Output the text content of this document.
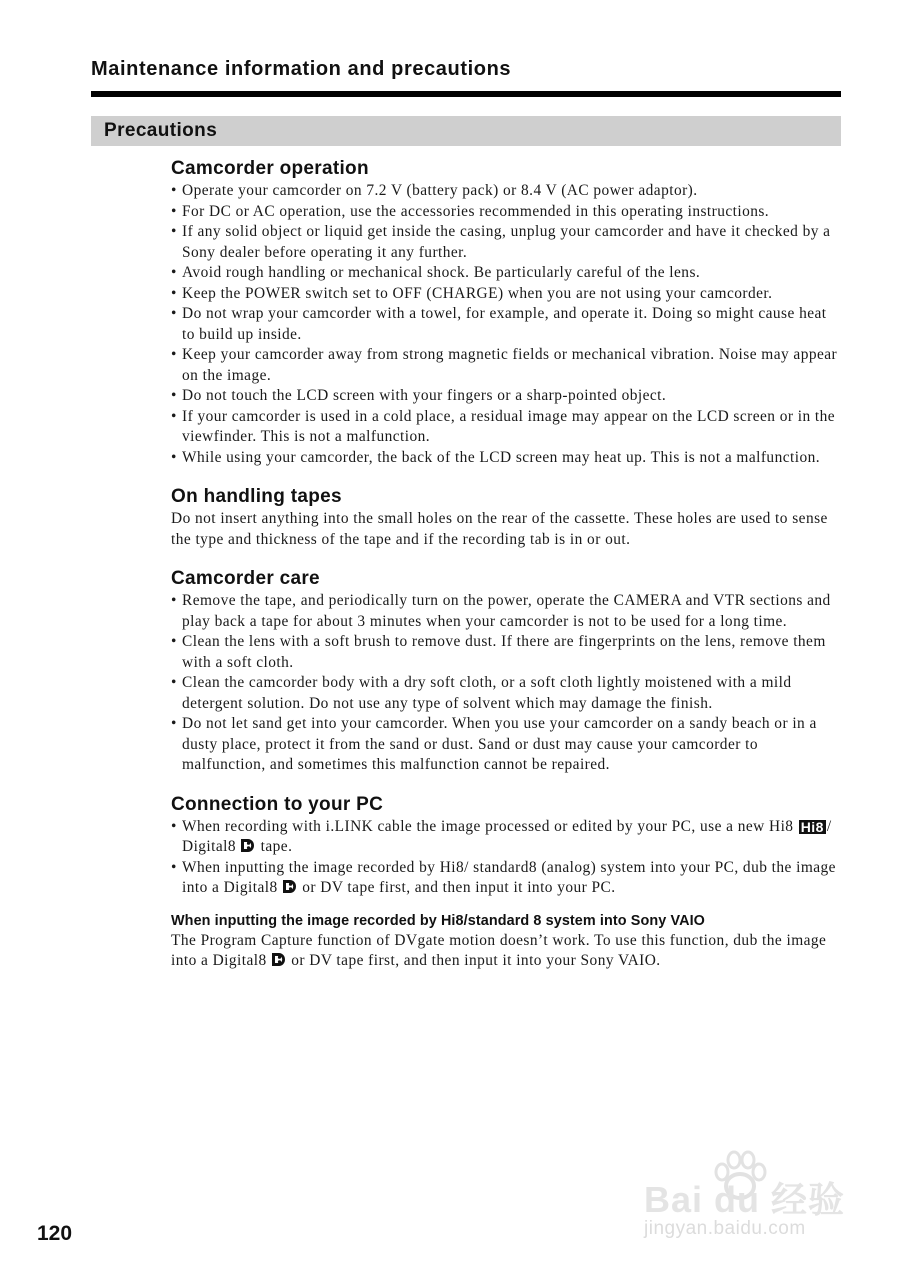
Maintenance information and precautions
Precautions
Camcorder operation
• Operate your camcorder on 7.2 V (battery pack) or 8.4 V (AC power adaptor).
• For DC or AC operation, use the accessories recommended in this operating instructions.
• If any solid object or liquid get inside the casing, unplug your camcorder and have it checked by a Sony dealer before operating it any further.
• Avoid rough handling or mechanical shock. Be particularly careful of the lens.
• Keep the POWER switch set to OFF (CHARGE) when you are not using your camcorder.
• Do not wrap your camcorder with a towel, for example, and operate it. Doing so might cause heat to build up inside.
• Keep your camcorder away from strong magnetic fields or mechanical vibration. Noise may appear on the image.
• Do not touch the LCD screen with your fingers or a sharp-pointed object.
• If your camcorder is used in a cold place, a residual image may appear on the LCD screen or in the viewfinder. This is not a malfunction.
• While using your camcorder, the back of the LCD screen may heat up. This is not a malfunction.
On handling tapes

Do not insert anything into the small holes on the rear of the cassette. These holes are used to sense the type and thickness of the tape and if the recording tab is in or out.

Camcorder care
• Remove the tape, and periodically turn on the power, operate the CAMERA and VTR sections and play back a tape for about 3 minutes when your camcorder is not to be used for a long time.
• Clean the lens with a soft brush to remove dust. If there are fingerprints on the lens, remove them with a soft cloth.
• Clean the camcorder body with a dry soft cloth, or a soft cloth lightly moistened with a mild detergent solution. Do not use any type of solvent which may damage the finish.
• Do not let sand get into your camcorder. When you use your camcorder on a sandy beach or in a dusty place, protect it from the sand or dust. Sand or dust may cause your camcorder to malfunction, and sometimes this malfunction cannot be repaired.
Connection to your PC
• When recording with i.LINK cable the image processed or edited by your PC, use a new Hi8 Hi8 / Digital8  tape.
• When inputting the image recorded by Hi8/ standard8 (analog) system into your PC, dub the image into a Digital8  or DV tape first, and then input it into your PC.
When inputting the image recorded by Hi8/standard 8 system into Sony VAIO

The Program Capture function of DVgate motion doesn’t work. To use this function, dub the image into a Digital8  or DV tape first, and then input it into your Sony VAIO.

120
Bai du 经验
jingyan.baidu.com
